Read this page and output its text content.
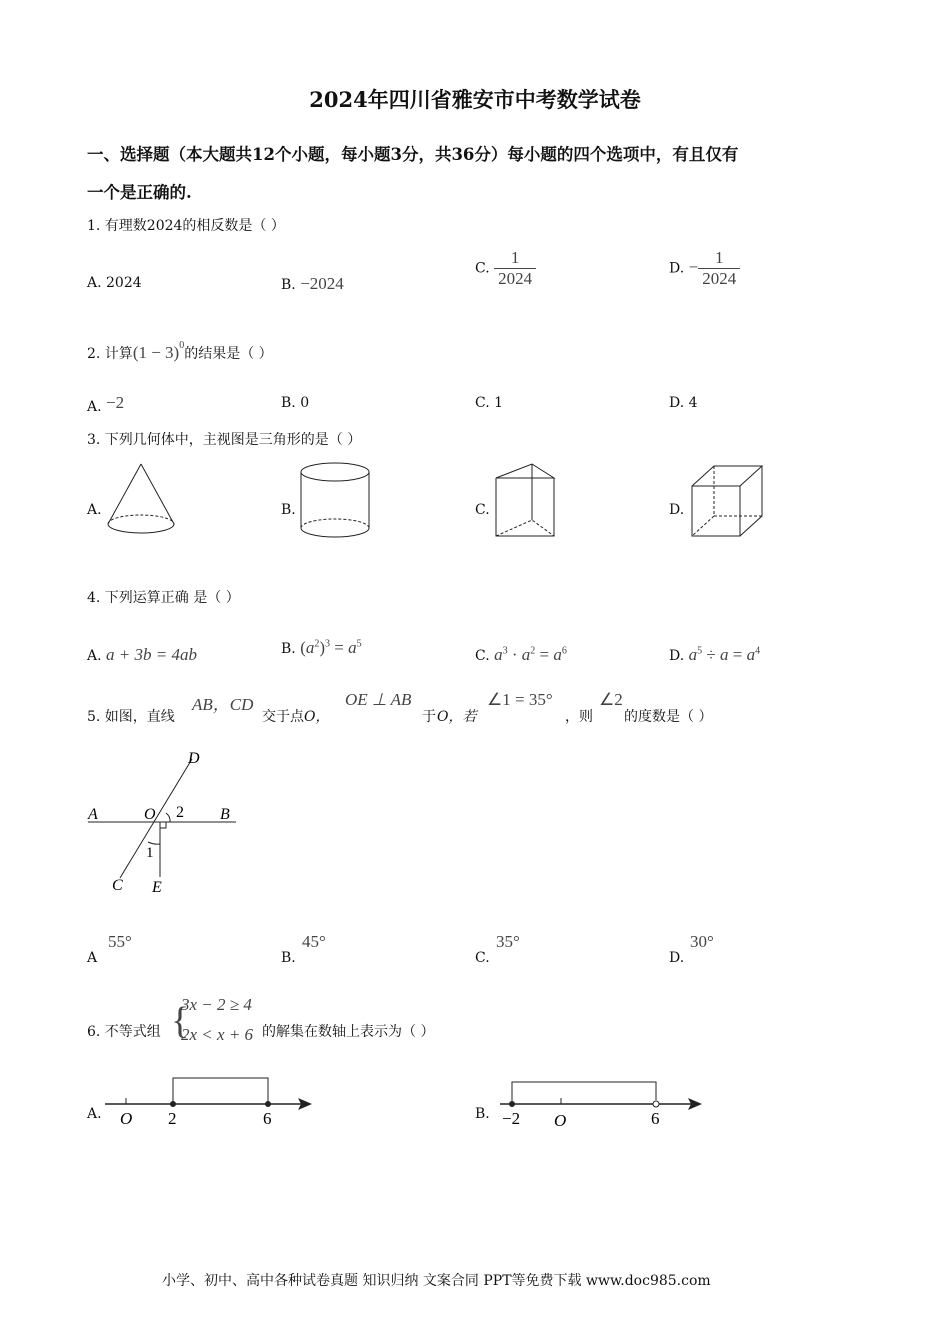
2024年四川省雅安市中考数学试卷
一、选择题（本大题共12个小题，每小题3分，共36分）每小题的四个选项中，有且仅有
一个是正确的.
1. 有理数2024的相反数是（ ）
A. 2024	B. −2024
C. $\frac{1}{2024}$	D. − $\frac{1}{2024}$
2. 计算$(1 - 3)^0$的结果是（ ）
A. −2	B. 0	C. 1	D. 4
3. 下列几何体中，主视图是三角形的是（ ）
A.	B.	C.	D.
4. 下列运算正确 是（ ）
A. a + 3b = 4ab	B. $(a^2)^3 = a^5$
C. $a^3 \cdot a^2 = a^6$	D. $a^5 \div a = a^4$
5. 如图，直线
AB，CD
交于点 O，
OE ⊥ AB
于 O，若
∠1 = 35°
，则
∠2
的度数是（ ）
A	O 2 B
D
1
C E
A
55°
B.
45°
C.
35°
D.
30°
6. 不等式组 {
3x − 2 ≥ 4
2x < x + 6 的解集在数轴上表示为（ ）
A. O 2	6	B. −2 O	6
小学、初中、高中各种试卷真题 知识归纳 文案合同 PPT等免费下载 www.doc985.com
